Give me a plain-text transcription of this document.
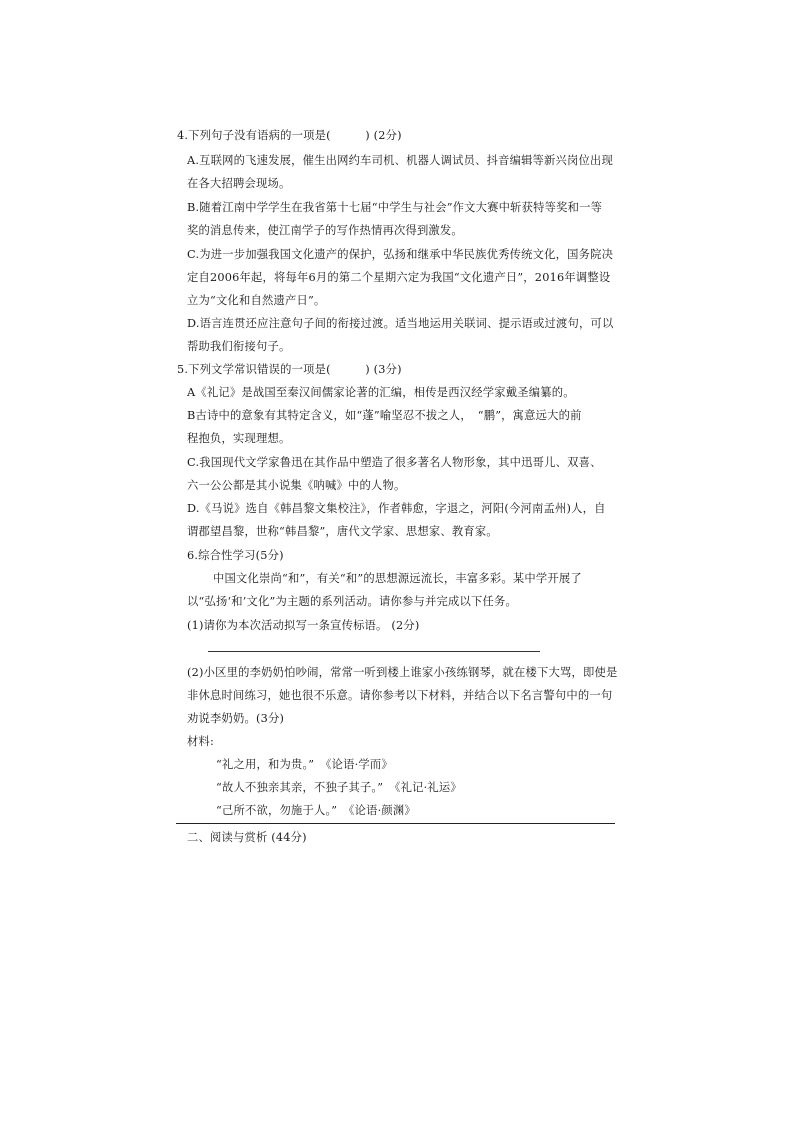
4.下列句子没有语病的一项是(　　　) (2分)
A.互联网的飞速发展，催生出网约车司机、机器人调试员、抖音编辑等新兴岗位出现
在各大招聘会现场。
B.随着江南中学学生在我省第十七届“中学生与社会”作文大赛中斩获特等奖和一等
奖的消息传来，使江南学子的写作热情再次得到激发。
C.为进一步加强我国文化遗产的保护，弘扬和继承中华民族优秀传统文化，国务院决
定自2006年起，将每年6月的第二个星期六定为我国“文化遗产日”，2016年调整设
立为“文化和自然遗产日”。
D.语言连贯还应注意句子间的衔接过渡。适当地运用关联词、提示语或过渡句，可以
帮助我们衔接句子。
5.下列文学常识错误的一项是(　　　) (3分)
A《礼记》是战国至秦汉间儒家论著的汇编，相传是西汉经学家戴圣编纂的。
B古诗中的意象有其特定含义，如“蓬”喻坚忍不拔之人，　“鹏”，寓意远大的前
程抱负，实现理想。
C.我国现代文学家鲁迅在其作品中塑造了很多著名人物形象，其中迅哥儿、双喜、
六一公公都是其小说集《呐喊》中的人物。
D.《马说》选自《韩昌黎文集校注》，作者韩愈，字退之，河阳(今河南孟州)人，自
谓郡望昌黎，世称“韩昌黎”，唐代文学家、思想家、教育家。
6.综合性学习(5分)
中国文化崇尚“和”，有关“和”的思想源远流长，丰富多彩。某中学开展了
以“弘扬‘和’文化”为主题的系列活动。请你参与并完成以下任务。
(1)请你为本次活动拟写一条宣传标语。 (2分)
(2)小区里的李奶奶怕吵闹，常常一听到楼上谁家小孩练钢琴，就在楼下大骂，即使是
非休息时间练习，她也很不乐意。请你参考以下材料，并结合以下名言警句中的一句
劝说李奶奶。(3分)
材料:
“礼之用，和为贵。”　《论语·学而》
“故人不独亲其亲，不独子其子。”　《礼记·礼运》
“己所不欲，勿施于人。”　《论语·颜渊》
二、阅读与赏析 (44分)
